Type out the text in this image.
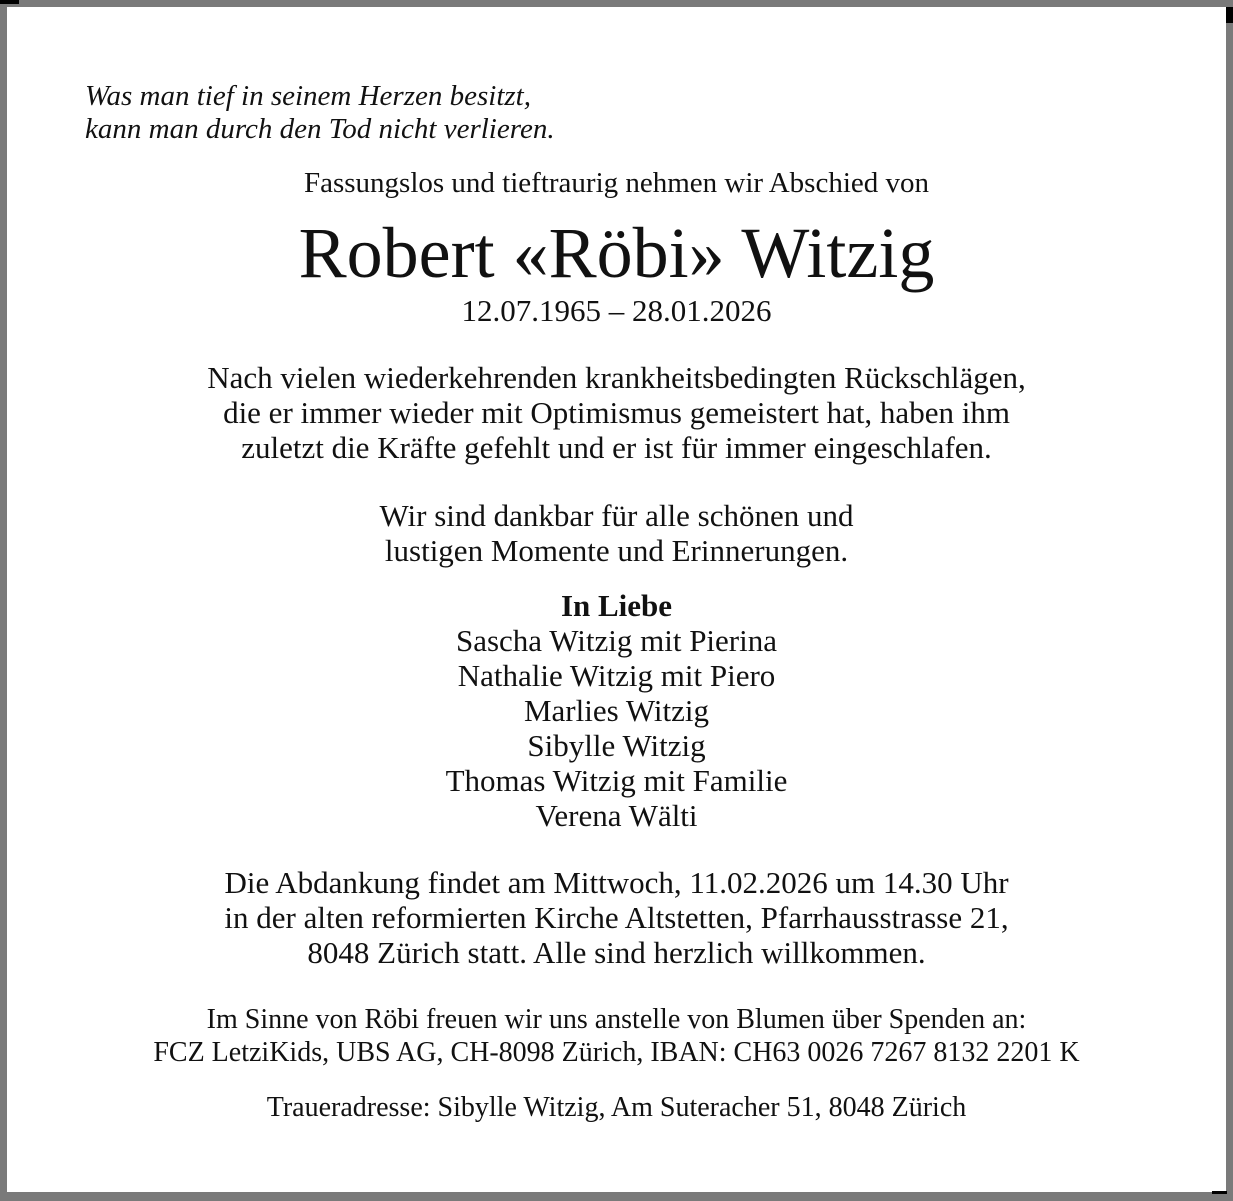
Was man tief in seinem Herzen besitzt,
kann man durch den Tod nicht verlieren.
Fassungslos und tieftraurig nehmen wir Abschied von
Robert «Röbi» Witzig
12.07.1965 – 28.01.2026
Nach vielen wiederkehrenden krankheitsbedingten Rückschlägen,
die er immer wieder mit Optimismus gemeistert hat, haben ihm
zuletzt die Kräfte gefehlt und er ist für immer eingeschlafen.
Wir sind dankbar für alle schönen und
lustigen Momente und Erinnerungen.
In Liebe
Sascha Witzig mit Pierina
Nathalie Witzig mit Piero
Marlies Witzig
Sibylle Witzig
Thomas Witzig mit Familie
Verena Wälti
Die Abdankung findet am Mittwoch, 11.02.2026 um 14.30 Uhr
in der alten reformierten Kirche Altstetten, Pfarrhausstrasse 21,
8048 Zürich statt. Alle sind herzlich willkommen.
Im Sinne von Röbi freuen wir uns anstelle von Blumen über Spenden an:
FCZ LetziKids, UBS AG, CH-8098 Zürich, IBAN: CH63 0026 7267 8132 2201 K
Traueradresse: Sibylle Witzig, Am Suteracher 51, 8048 Zürich
